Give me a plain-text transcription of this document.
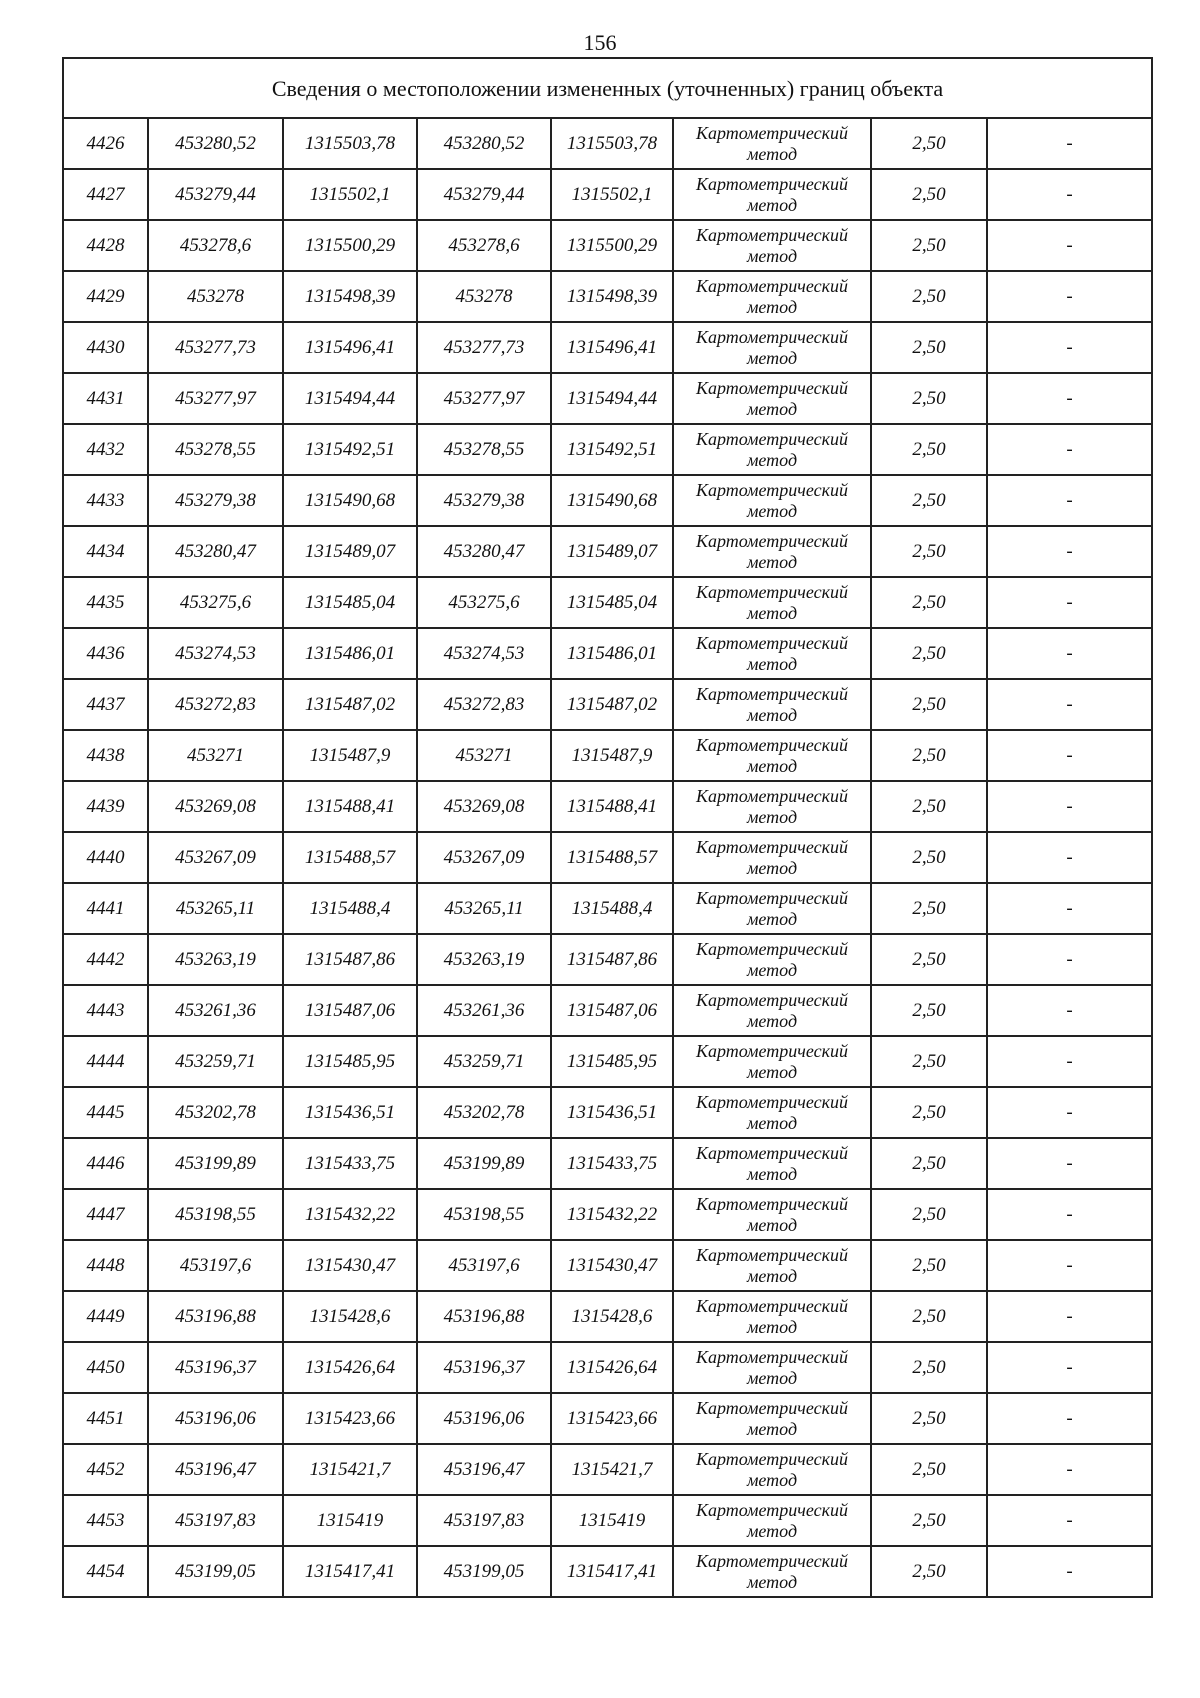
156
Сведения о местоположении измененных (уточненных) границ объекта							
4426	453280,52	1315503,78	453280,52	1315503,78	Картометрический
метод	2,50	-
4427	453279,44	1315502,1	453279,44	1315502,1	Картометрический
метод	2,50	-
4428	453278,6	1315500,29	453278,6	1315500,29	Картометрический
метод	2,50	-
4429	453278	1315498,39	453278	1315498,39	Картометрический
метод	2,50	-
4430	453277,73	1315496,41	453277,73	1315496,41	Картометрический
метод	2,50	-
4431	453277,97	1315494,44	453277,97	1315494,44	Картометрический
метод	2,50	-
4432	453278,55	1315492,51	453278,55	1315492,51	Картометрический
метод	2,50	-
4433	453279,38	1315490,68	453279,38	1315490,68	Картометрический
метод	2,50	-
4434	453280,47	1315489,07	453280,47	1315489,07	Картометрический
метод	2,50	-
4435	453275,6	1315485,04	453275,6	1315485,04	Картометрический
метод	2,50	-
4436	453274,53	1315486,01	453274,53	1315486,01	Картометрический
метод	2,50	-
4437	453272,83	1315487,02	453272,83	1315487,02	Картометрический
метод	2,50	-
4438	453271	1315487,9	453271	1315487,9	Картометрический
метод	2,50	-
4439	453269,08	1315488,41	453269,08	1315488,41	Картометрический
метод	2,50	-
4440	453267,09	1315488,57	453267,09	1315488,57	Картометрический
метод	2,50	-
4441	453265,11	1315488,4	453265,11	1315488,4	Картометрический
метод	2,50	-
4442	453263,19	1315487,86	453263,19	1315487,86	Картометрический
метод	2,50	-
4443	453261,36	1315487,06	453261,36	1315487,06	Картометрический
метод	2,50	-
4444	453259,71	1315485,95	453259,71	1315485,95	Картометрический
метод	2,50	-
4445	453202,78	1315436,51	453202,78	1315436,51	Картометрический
метод	2,50	-
4446	453199,89	1315433,75	453199,89	1315433,75	Картометрический
метод	2,50	-
4447	453198,55	1315432,22	453198,55	1315432,22	Картометрический
метод	2,50	-
4448	453197,6	1315430,47	453197,6	1315430,47	Картометрический
метод	2,50	-
4449	453196,88	1315428,6	453196,88	1315428,6	Картометрический
метод	2,50	-
4450	453196,37	1315426,64	453196,37	1315426,64	Картометрический
метод	2,50	-
4451	453196,06	1315423,66	453196,06	1315423,66	Картометрический
метод	2,50	-
4452	453196,47	1315421,7	453196,47	1315421,7	Картометрический
метод	2,50	-
4453	453197,83	1315419	453197,83	1315419	Картометрический
метод	2,50	-
4454	453199,05	1315417,41	453199,05	1315417,41	Картометрический
метод	2,50	-
